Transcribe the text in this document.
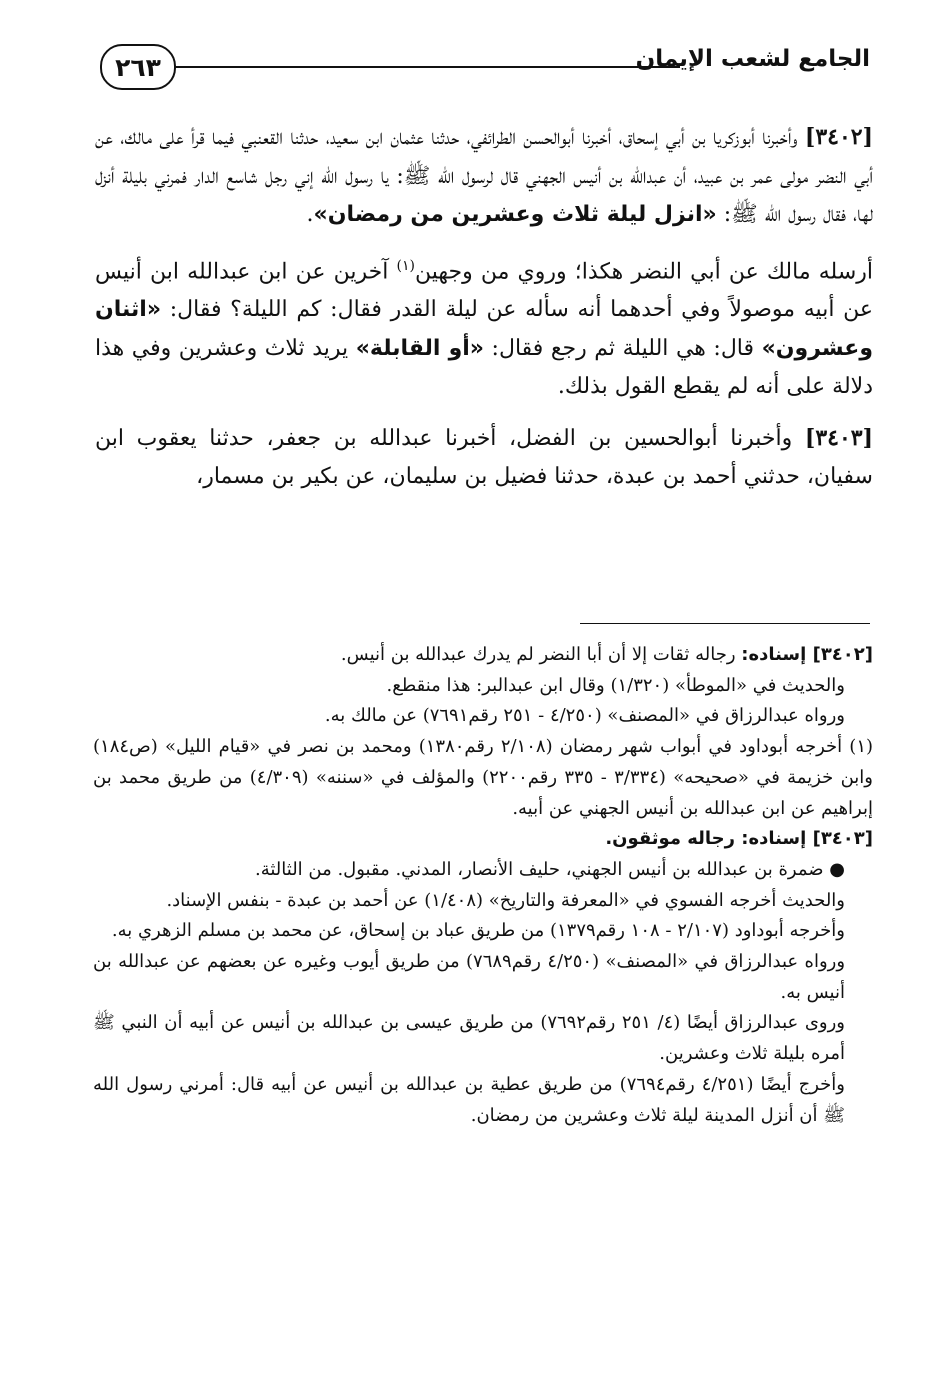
٢٦٣	الجامع لشعب الإيمان

[٣٤٠٢] وأخبرنا أبوزكريا بن أبي إسحاق، أخبرنا أبوالحسن الطرائفي، حدثنا عثمان ابن سعيد، حدثنا القعنبي فيما قرأ على مالك، عن أبي النضر مولى عمر بن عبيد، أن عبدالله بن أنيس الجهني قال لرسول الله ﷺ: يا رسول الله إني رجل شاسع الدار فمرني بليلة أنزل لها، فقال رسول الله ﷺ: «انزل ليلة ثلاث وعشرين من رمضان».

أرسله مالك عن أبي النضر هكذا؛ وروي من وجهين$^{(١)}$ آخرين عن ابن عبدالله ابن أنيس عن أبيه موصولاً وفي أحدهما أنه سأله عن ليلة القدر فقال: كم الليلة؟ فقال: «اثنان وعشرون» قال: هي الليلة ثم رجع فقال: «أو القابلة» يريد ثلاث وعشرين وفي هذا دلالة على أنه لم يقطع القول بذلك.

[٣٤٠٣] وأخبرنا أبوالحسين بن الفضل، أخبرنا عبدالله بن جعفر، حدثنا يعقوب ابن سفيان، حدثني أحمد بن عبدة، حدثنا فضيل بن سليمان، عن بكير بن مسمار،

[٣٤٠٢] إسناده: رجاله ثقات إلا أن أبا النضر لم يدرك عبدالله بن أنيس.

والحديث في «الموطأ» (١/٣٢٠) وقال ابن عبدالبر: هذا منقطع.

ورواه عبدالرزاق في «المصنف» (٤/٢٥٠ - ٢٥١ رقم٧٦٩١) عن مالك به.

(١) أخرجه أبوداود في أبواب شهر رمضان (٢/١٠٨ رقم١٣٨٠) ومحمد بن نصر في «قيام الليل» (ص١٨٤) وابن خزيمة في «صحيحه» (٣/٣٣٤ - ٣٣٥ رقم٢٢٠٠) والمؤلف في «سننه» (٤/٣٠٩) من طريق محمد بن إبراهيم عن ابن عبدالله بن أنيس الجهني عن أبيه.

[٣٤٠٣] إسناده: رجاله موثقون.

● ضمرة بن عبدالله بن أنيس الجهني، حليف الأنصار، المدني. مقبول. من الثالثة.

والحديث أخرجه الفسوي في «المعرفة والتاريخ» (١/٤٠٨) عن أحمد بن عبدة - بنفس الإسناد.

وأخرجه أبوداود (٢/١٠٧ - ١٠٨ رقم١٣٧٩) من طريق عباد بن إسحاق، عن محمد بن مسلم الزهري به.

ورواه عبدالرزاق في «المصنف» (٤/٢٥٠ رقم٧٦٨٩) من طريق أيوب وغيره عن بعضهم عن عبدالله بن أنيس به.

وروى عبدالرزاق أيضًا (٤/ ٢٥١ رقم٧٦٩٢) من طريق عيسى بن عبدالله بن أنيس عن أبيه أن النبي ﷺ أمره بليلة ثلاث وعشرين.

وأخرج أيضًا (٤/٢٥١ رقم٧٦٩٤) من طريق عطية بن عبدالله بن أنيس عن أبيه قال: أمرني رسول الله ﷺ أن أنزل المدينة ليلة ثلاث وعشرين من رمضان.
